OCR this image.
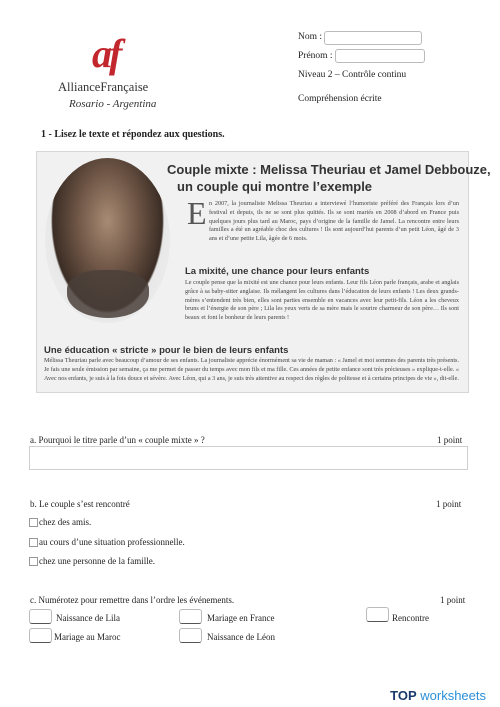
af
AllianceFrançaise
Rosario - Argentina
Nom :
Prénom :
Niveau 2 – Contrôle continu
Compréhension écrite
1 - Lisez le texte et répondez aux questions.
Couple mixte : Melissa Theuriau et Jamel Debbouze,
un couple qui montre l’exemple
E n 2007, la journaliste Melissa Theuriau a interviewé l’humoriste préféré des Français lors d’un festival et depuis, ils ne se sont plus quittés. Ils se sont mariés en 2008 d’abord en France puis quelques jours plus tard au Maroc, pays d’origine de la famille de Jamel. La rencontre entre leurs familles a été un agréable choc des cultures ! Ils sont aujourd’hui parents d’un petit Léon, âgé de 3 ans et d’une petite Lila, âgée de 6 mois.
La mixité, une chance pour leurs enfants
Le couple pense que la mixité est une chance pour leurs enfants. Leur fils Léon parle français, arabe et anglais grâce à sa baby-sitter anglaise. Ils mélangent les cultures dans l’éducation de leurs enfants ! Les deux grands-mères s’entendent très bien, elles sont parties ensemble en vacances avec leur petit-fils. Léon a les cheveux bruns et l’énergie de son père ; Lila les yeux verts de sa mère mais le sourire charmeur de son père… Ils sont beaux et font le bonheur de leurs parents !
Une éducation « stricte » pour le bien de leurs enfants
Mélissa Theuriau parle avec beaucoup d’amour de ses enfants. La journaliste apprécie énormément sa vie de maman : « Jamel et moi sommes des parents très présents. Je fais une seule émission par semaine, ça me permet de passer du temps avec mon fils et ma fille. Ces années de petite enfance sont très précieuses » explique-t-elle. « Avec nos enfants, je suis à la fois douce et sévère. Avec Léon, qui a 3 ans, je suis très attentive au respect des règles de politesse et à certains principes de vie », dit-elle.
a. Pourquoi le titre parle d’un « couple mixte » ?	1 point
b. Le couple s’est rencontré	1 point
chez des amis.
au cours d’une situation professionnelle.
chez une personne de la famille.
c. Numérotez pour remettre dans l’ordre les événements.	1 point
Naissance de Lila	Mariage en France	Rencontre
Mariage au Maroc	Naissance de Léon
TOP worksheets
